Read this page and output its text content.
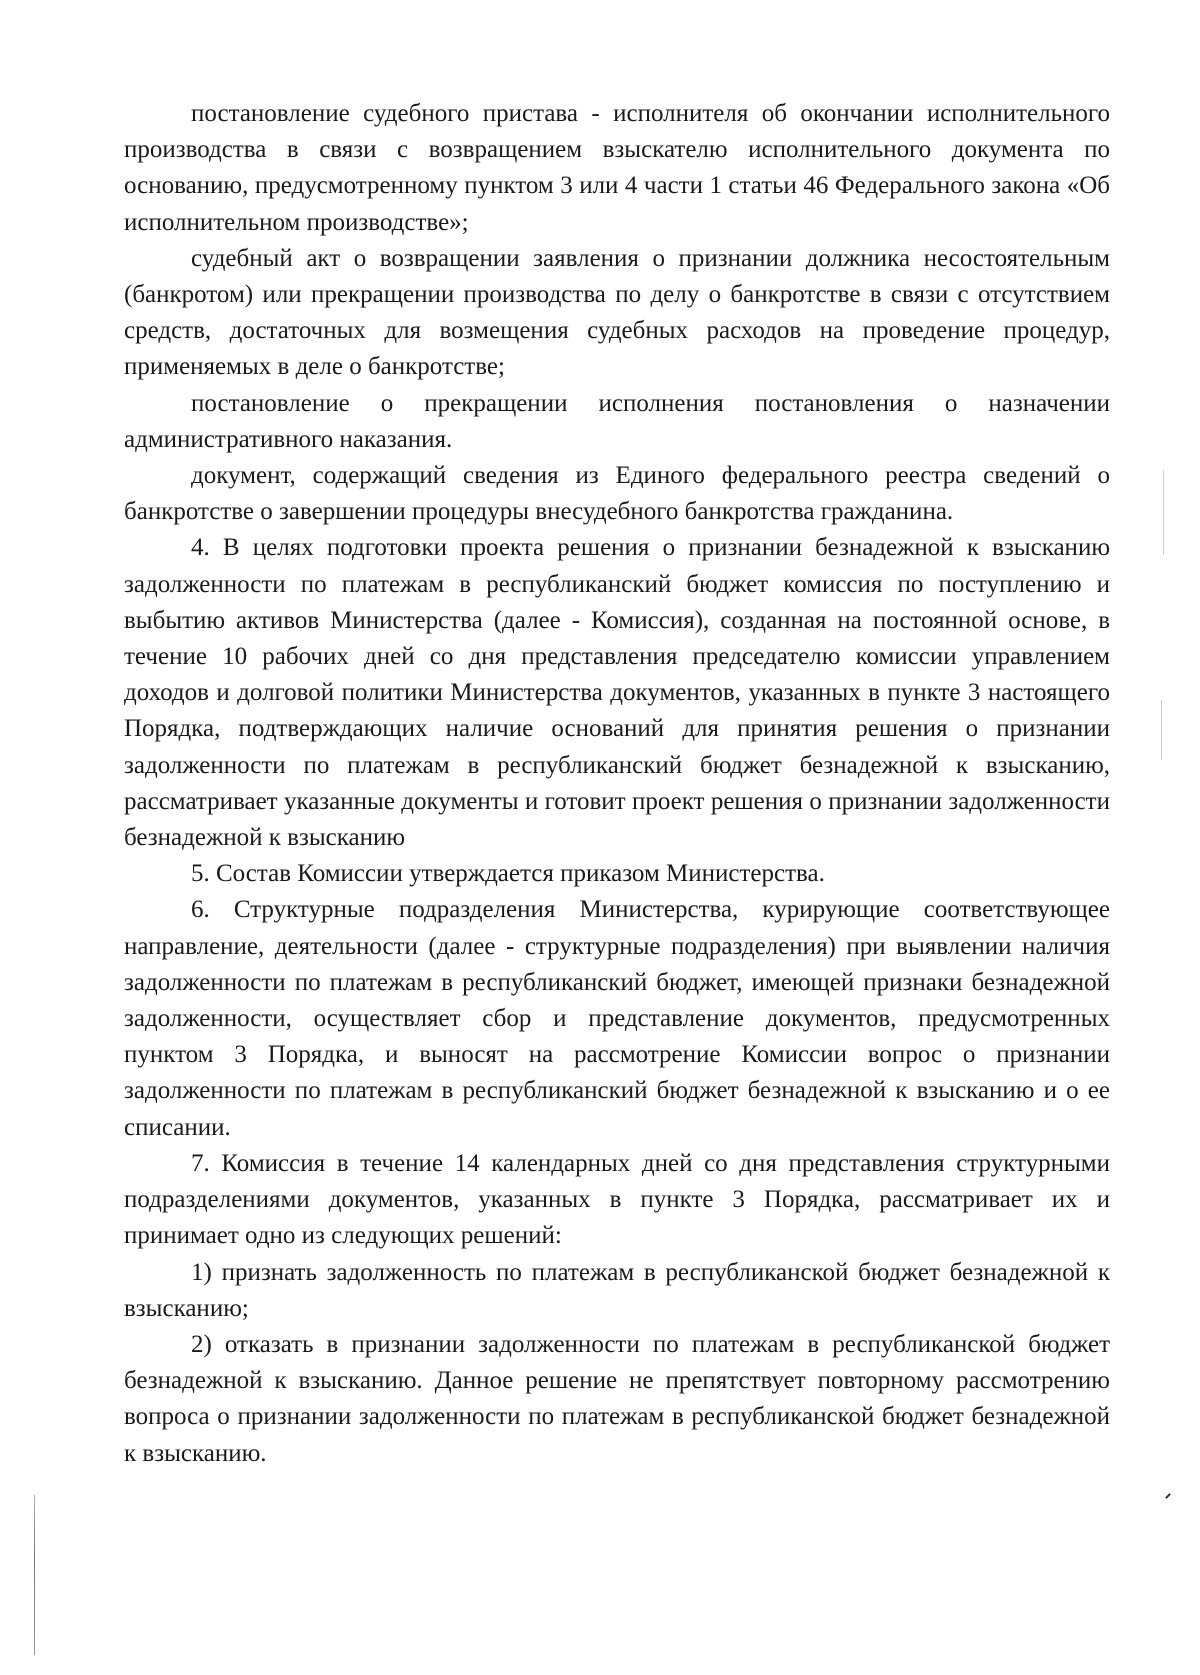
постановление судебного пристава - исполнителя об окончании исполнительного производства в связи с возвращением взыскателю исполнительного документа по основанию, предусмотренному пунктом 3 или 4 части 1 статьи 46 Федерального закона «Об исполнительном производстве»;

судебный акт о возвращении заявления о признании должника несостоятельным (банкротом) или прекращении производства по делу о банкротстве в связи с отсутствием средств, достаточных для возмещения судебных расходов на проведение процедур, применяемых в деле о банкротстве;

постановление о прекращении исполнения постановления о назначении административного наказания.

документ, содержащий сведения из Единого федерального реестра сведений о банкротстве о завершении процедуры внесудебного банкротства гражданина.

4. В целях подготовки проекта решения о признании безнадежной к взысканию задолженности по платежам в республиканский бюджет комиссия по поступлению и выбытию активов Министерства (далее - Комиссия), созданная на постоянной основе, в течение 10 рабочих дней со дня представления председателю комиссии управлением доходов и долговой политики Министерства документов, указанных в пункте 3 настоящего Порядка, подтверждающих наличие оснований для принятия решения о признании задолженности по платежам в республиканский бюджет безнадежной к взысканию, рассматривает указанные документы и готовит проект решения о признании задолженности безнадежной к взысканию

5. Состав Комиссии утверждается приказом Министерства.

6. Структурные подразделения Министерства, курирующие соответствующее направление, деятельности (далее - структурные подразделения) при выявлении наличия задолженности по платежам в республиканский бюджет, имеющей признаки безнадежной задолженности, осуществляет сбор и представление документов, предусмотренных пунктом 3 Порядка, и выносят на рассмотрение Комиссии вопрос о признании задолженности по платежам в республиканский бюджет безнадежной к взысканию и о ее списании.

7. Комиссия в течение 14 календарных дней со дня представления структурными подразделениями документов, указанных в пункте 3 Порядка, рассматривает их и принимает одно из следующих решений:

1) признать задолженность по платежам в республиканской бюджет безнадежной к взысканию;

2) отказать в признании задолженности по платежам в республиканской бюджет безнадежной к взысканию. Данное решение не препятствует повторному рассмотрению вопроса о признании задолженности по платежам в республиканской бюджет безнадежной к взысканию.
